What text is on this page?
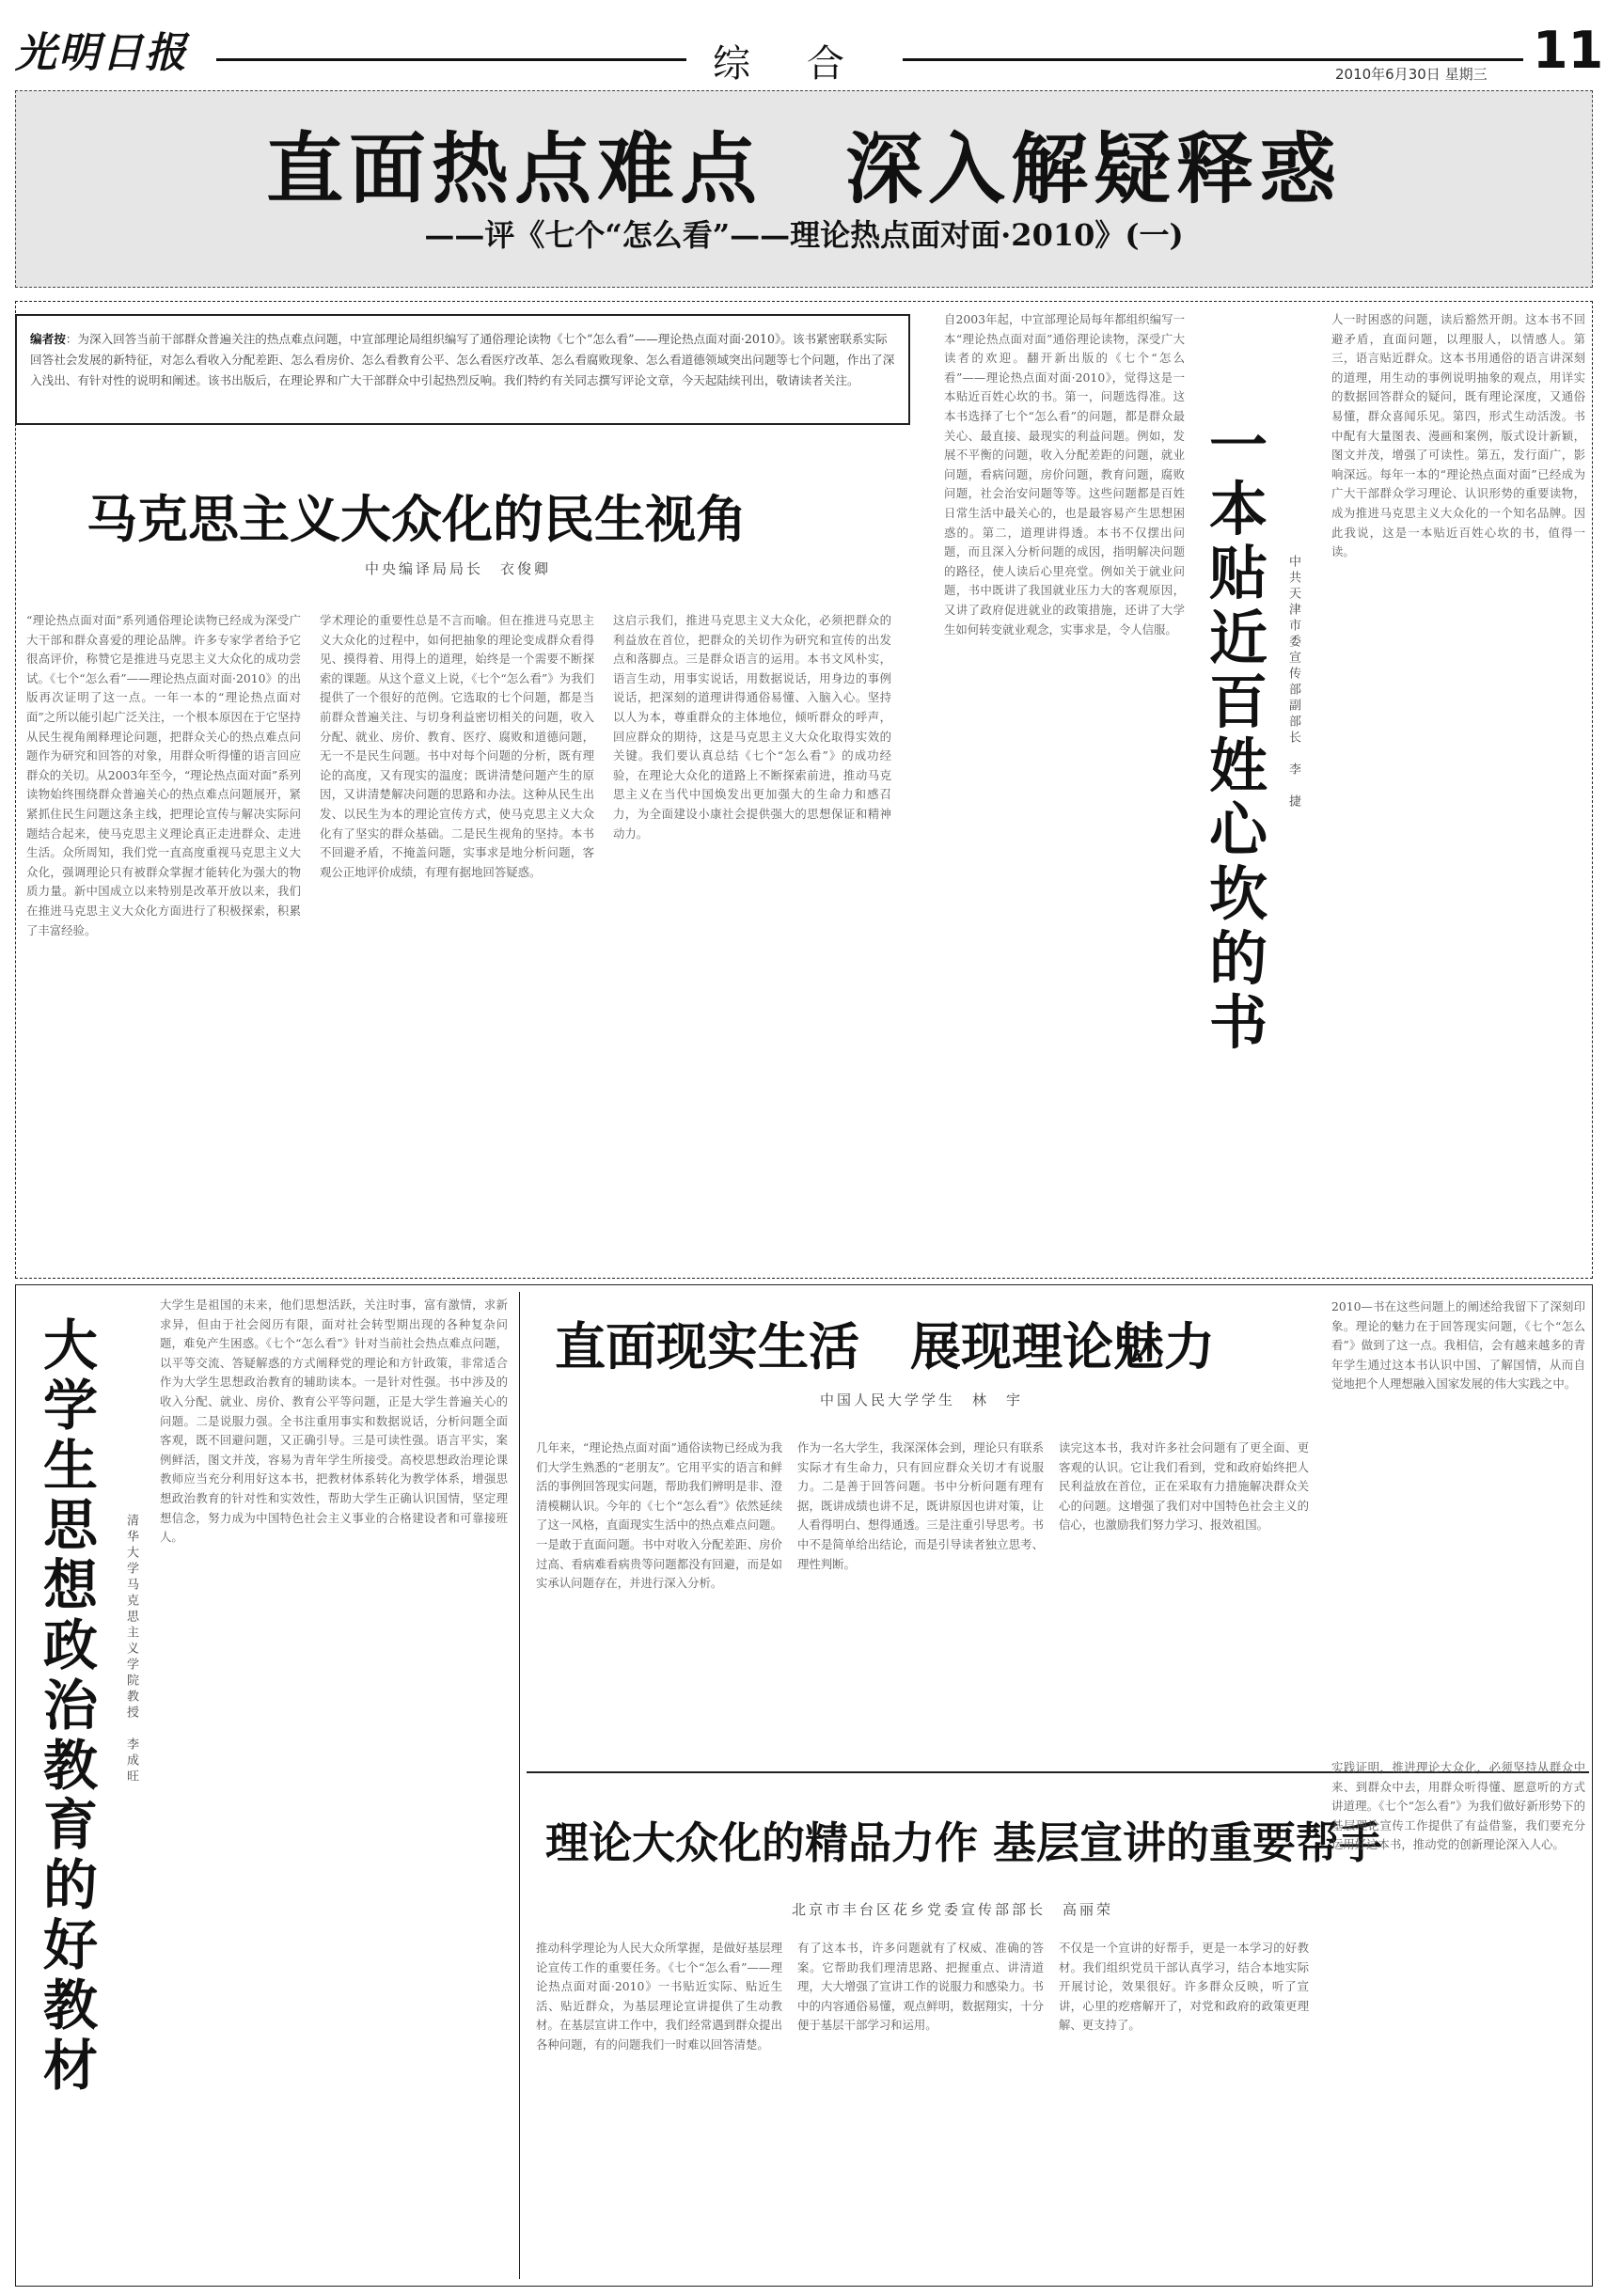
光明日报	综合	2010年6月30日 星期三 11
直面热点难点　深入解疑释惑
——评《七个“怎么看”——理论热点面对面·2010》(一)
编者按：为深入回答当前干部群众普遍关注的热点难点问题，中宣部理论局组织编写了通俗理论读物《七个“怎么看”——理论热点面对面·2010》。该书紧密联系实际回答社会发展的新特征，对怎么看收入分配差距、怎么看房价、怎么看教育公平、怎么看医疗改革、怎么看腐败现象、怎么看道德领域突出问题等七个问题，作出了深入浅出、有针对性的说明和阐述。该书出版后，在理论界和广大干部群众中引起热烈反响。我们特约有关同志撰写评论文章，今天起陆续刊出，敬请读者关注。
马克思主义大众化的民生视角
中央编译局局长　衣俊卿
“理论热点面对面”系列通俗理论读物已经成为深受广大干部和群众喜爱的理论品牌。许多专家学者给予它很高评价，称赞它是推进马克思主义大众化的成功尝试。《七个“怎么看”——理论热点面对面·2010》的出版再次证明了这一点。一年一本的“理论热点面对面”之所以能引起广泛关注，一个根本原因在于它坚持从民生视角阐释理论问题，把群众关心的热点难点问题作为研究和回答的对象，用群众听得懂的语言回应群众的关切。从2003年至今，“理论热点面对面”系列读物始终围绕群众普遍关心的热点难点问题展开，紧紧抓住民生问题这条主线，把理论宣传与解决实际问题结合起来，使马克思主义理论真正走进群众、走进生活。众所周知，我们党一直高度重视马克思主义大众化，强调理论只有被群众掌握才能转化为强大的物质力量。新中国成立以来特别是改革开放以来，我们在推进马克思主义大众化方面进行了积极探索，积累了丰富经验。
学术理论的重要性总是不言而喻。但在推进马克思主义大众化的过程中，如何把抽象的理论变成群众看得见、摸得着、用得上的道理，始终是一个需要不断探索的课题。从这个意义上说，《七个“怎么看”》为我们提供了一个很好的范例。它选取的七个问题，都是当前群众普遍关注、与切身利益密切相关的问题，收入分配、就业、房价、教育、医疗、腐败和道德问题，无一不是民生问题。书中对每个问题的分析，既有理论的高度，又有现实的温度；既讲清楚问题产生的原因，又讲清楚解决问题的思路和办法。这种从民生出发、以民生为本的理论宣传方式，使马克思主义大众化有了坚实的群众基础。二是民生视角的坚持。本书不回避矛盾，不掩盖问题，实事求是地分析问题，客观公正地评价成绩，有理有据地回答疑惑。
这启示我们，推进马克思主义大众化，必须把群众的利益放在首位，把群众的关切作为研究和宣传的出发点和落脚点。三是群众语言的运用。本书文风朴实，语言生动，用事实说话，用数据说话，用身边的事例说话，把深刻的道理讲得通俗易懂、入脑入心。坚持以人为本，尊重群众的主体地位，倾听群众的呼声，回应群众的期待，这是马克思主义大众化取得实效的关键。我们要认真总结《七个“怎么看”》的成功经验，在理论大众化的道路上不断探索前进，推动马克思主义在当代中国焕发出更加强大的生命力和感召力，为全面建设小康社会提供强大的思想保证和精神动力。
自2003年起，中宣部理论局每年都组织编写一本“理论热点面对面”通俗理论读物，深受广大读者的欢迎。翻开新出版的《七个“怎么看”——理论热点面对面·2010》，觉得这是一本贴近百姓心坎的书。第一，问题选得准。这本书选择了七个“怎么看”的问题，都是群众最关心、最直接、最现实的利益问题。例如，发展不平衡的问题，收入分配差距的问题，就业问题，看病问题，房价问题，教育问题，腐败问题，社会治安问题等等。这些问题都是百姓日常生活中最关心的，也是最容易产生思想困惑的。第二，道理讲得透。本书不仅摆出问题，而且深入分析问题的成因，指明解决问题的路径，使人读后心里亮堂。例如关于就业问题，书中既讲了我国就业压力大的客观原因，又讲了政府促进就业的政策措施，还讲了大学生如何转变就业观念，实事求是，令人信服。
一本贴近百姓心坎的书
中共天津市委宣传部副部长　李　捷
人一时困惑的问题，读后豁然开朗。这本书不回避矛盾，直面问题，以理服人，以情感人。第三，语言贴近群众。这本书用通俗的语言讲深刻的道理，用生动的事例说明抽象的观点，用详实的数据回答群众的疑问，既有理论深度，又通俗易懂，群众喜闻乐见。第四，形式生动活泼。书中配有大量图表、漫画和案例，版式设计新颖，图文并茂，增强了可读性。第五，发行面广，影响深远。每年一本的“理论热点面对面”已经成为广大干部群众学习理论、认识形势的重要读物，成为推进马克思主义大众化的一个知名品牌。因此我说，这是一本贴近百姓心坎的书，值得一读。
大学生思想政治教育的好教材
清华大学马克思主义学院教授　李成旺
大学生是祖国的未来，他们思想活跃，关注时事，富有激情，求新求异，但由于社会阅历有限，面对社会转型期出现的各种复杂问题，难免产生困惑。《七个“怎么看”》针对当前社会热点难点问题，以平等交流、答疑解惑的方式阐释党的理论和方针政策，非常适合作为大学生思想政治教育的辅助读本。一是针对性强。书中涉及的收入分配、就业、房价、教育公平等问题，正是大学生普遍关心的问题。二是说服力强。全书注重用事实和数据说话，分析问题全面客观，既不回避问题，又正确引导。三是可读性强。语言平实，案例鲜活，图文并茂，容易为青年学生所接受。高校思想政治理论课教师应当充分利用好这本书，把教材体系转化为教学体系，增强思想政治教育的针对性和实效性，帮助大学生正确认识国情，坚定理想信念，努力成为中国特色社会主义事业的合格建设者和可靠接班人。
直面现实生活　展现理论魅力
中国人民大学学生　林　宇
几年来，“理论热点面对面”通俗读物已经成为我们大学生熟悉的“老朋友”。它用平实的语言和鲜活的事例回答现实问题，帮助我们辨明是非、澄清模糊认识。今年的《七个“怎么看”》依然延续了这一风格，直面现实生活中的热点难点问题。一是敢于直面问题。书中对收入分配差距、房价过高、看病难看病贵等问题都没有回避，而是如实承认问题存在，并进行深入分析。
作为一名大学生，我深深体会到，理论只有联系实际才有生命力，只有回应群众关切才有说服力。二是善于回答问题。书中分析问题有理有据，既讲成绩也讲不足，既讲原因也讲对策，让人看得明白、想得通透。三是注重引导思考。书中不是简单给出结论，而是引导读者独立思考、理性判断。
读完这本书，我对许多社会问题有了更全面、更客观的认识。它让我们看到，党和政府始终把人民利益放在首位，正在采取有力措施解决群众关心的问题。这增强了我们对中国特色社会主义的信心，也激励我们努力学习、报效祖国。
2010—书在这些问题上的阐述给我留下了深刻印象。理论的魅力在于回答现实问题，《七个“怎么看”》做到了这一点。我相信，会有越来越多的青年学生通过这本书认识中国、了解国情，从而自觉地把个人理想融入国家发展的伟大实践之中。
理论大众化的精品力作 基层宣讲的重要帮手
北京市丰台区花乡党委宣传部部长　高丽荣
推动科学理论为人民大众所掌握，是做好基层理论宣传工作的重要任务。《七个“怎么看”——理论热点面对面·2010》一书贴近实际、贴近生活、贴近群众，为基层理论宣讲提供了生动教材。在基层宣讲工作中，我们经常遇到群众提出各种问题，有的问题我们一时难以回答清楚。
有了这本书，许多问题就有了权威、准确的答案。它帮助我们理清思路、把握重点、讲清道理，大大增强了宣讲工作的说服力和感染力。书中的内容通俗易懂，观点鲜明，数据翔实，十分便于基层干部学习和运用。
不仅是一个宣讲的好帮手，更是一本学习的好教材。我们组织党员干部认真学习，结合本地实际开展讨论，效果很好。许多群众反映，听了宣讲，心里的疙瘩解开了，对党和政府的政策更理解、更支持了。
实践证明，推进理论大众化，必须坚持从群众中来、到群众中去，用群众听得懂、愿意听的方式讲道理。《七个“怎么看”》为我们做好新形势下的基层理论宣传工作提供了有益借鉴，我们要充分运用好这本书，推动党的创新理论深入人心。
